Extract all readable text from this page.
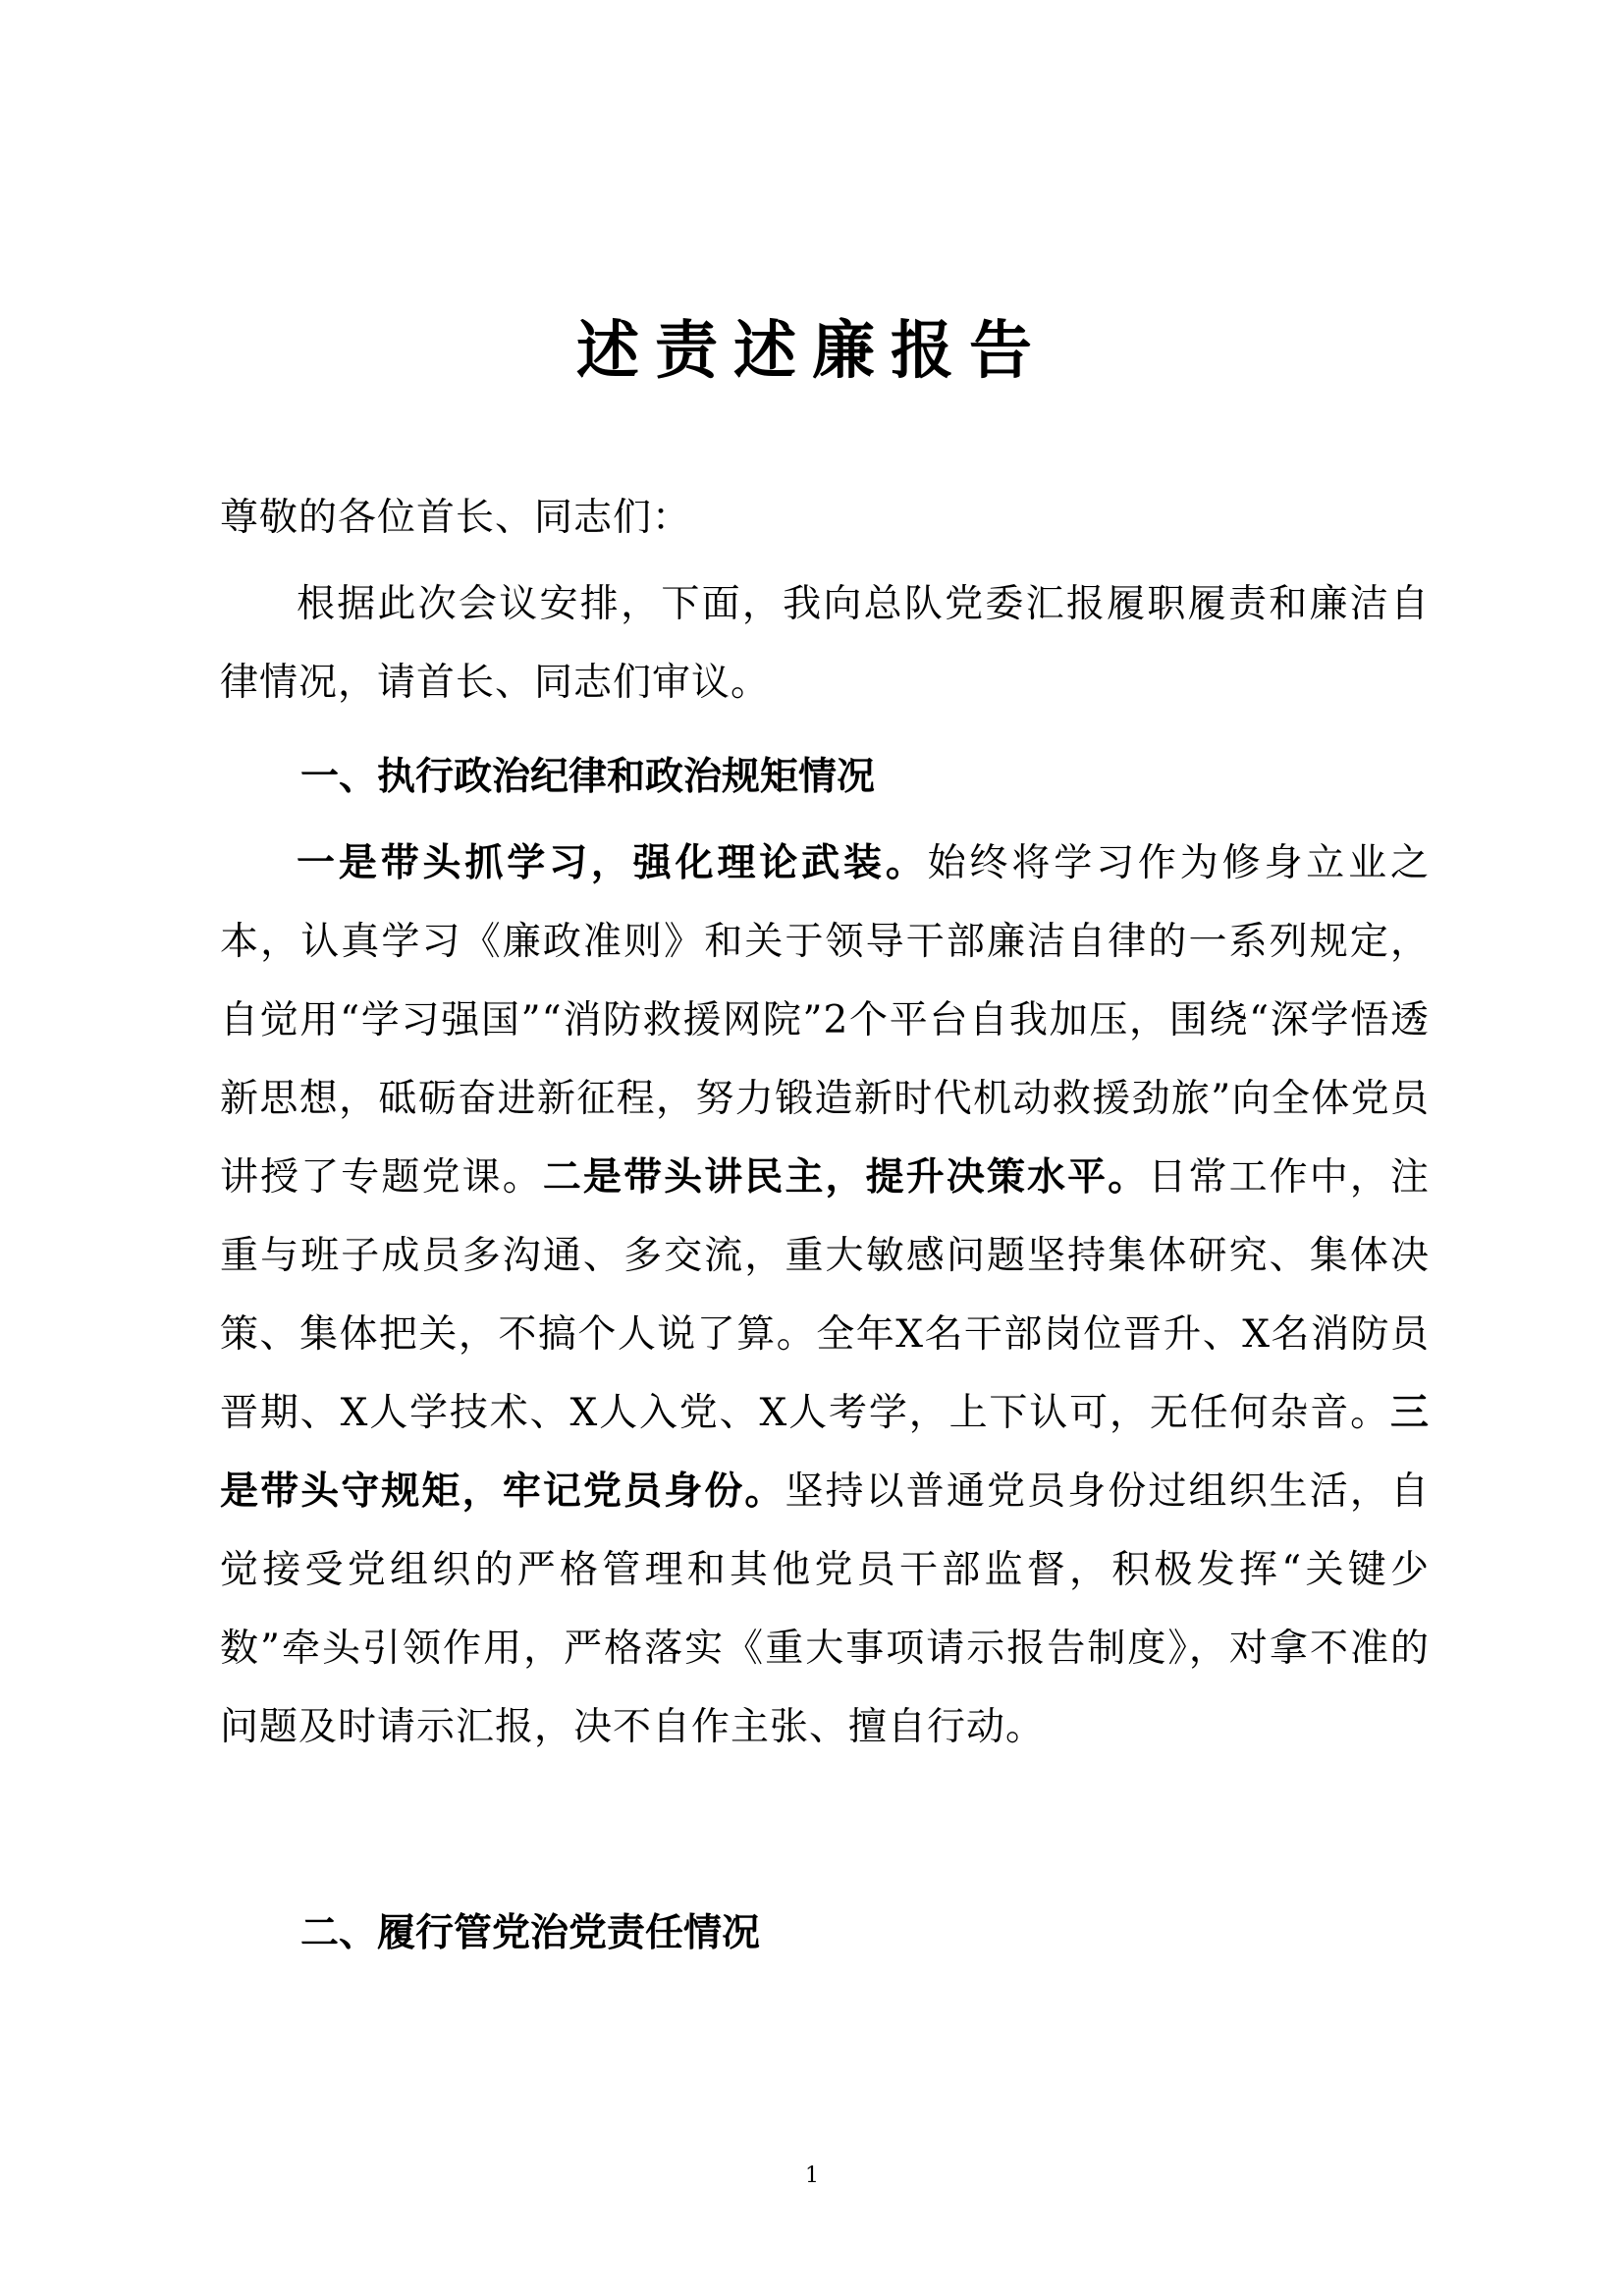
述责述廉报告

尊敬的各位首长、同志们：

根据此次会议安排，下面，我向总队党委汇报履职履责和廉洁自律情况，请首长、同志们审议。

一、执行政治纪律和政治规矩情况

一是带头抓学习，强化理论武装。始终将学习作为修身立业之本，认真学习《廉政准则》和关于领导干部廉洁自律的一系列规定，自觉用“学习强国”“消防救援网院”2个平台自我加压，围绕“深学悟透新思想，砥砺奋进新征程，努力锻造新时代机动救援劲旅”向全体党员讲授了专题党课。二是带头讲民主，提升决策水平。日常工作中，注重与班子成员多沟通、多交流，重大敏感问题坚持集体研究、集体决策、集体把关，不搞个人说了算。全年X名干部岗位晋升、X名消防员晋期、X人学技术、X人入党、X人考学，上下认可，无任何杂音。三是带头守规矩，牢记党员身份。坚持以普通党员身份过组织生活，自觉接受党组织的严格管理和其他党员干部监督，积极发挥“关键少数”牵头引领作用，严格落实《重大事项请示报告制度》，对拿不准的问题及时请示汇报，决不自作主张、擅自行动。

二、履行管党治党责任情况
1
